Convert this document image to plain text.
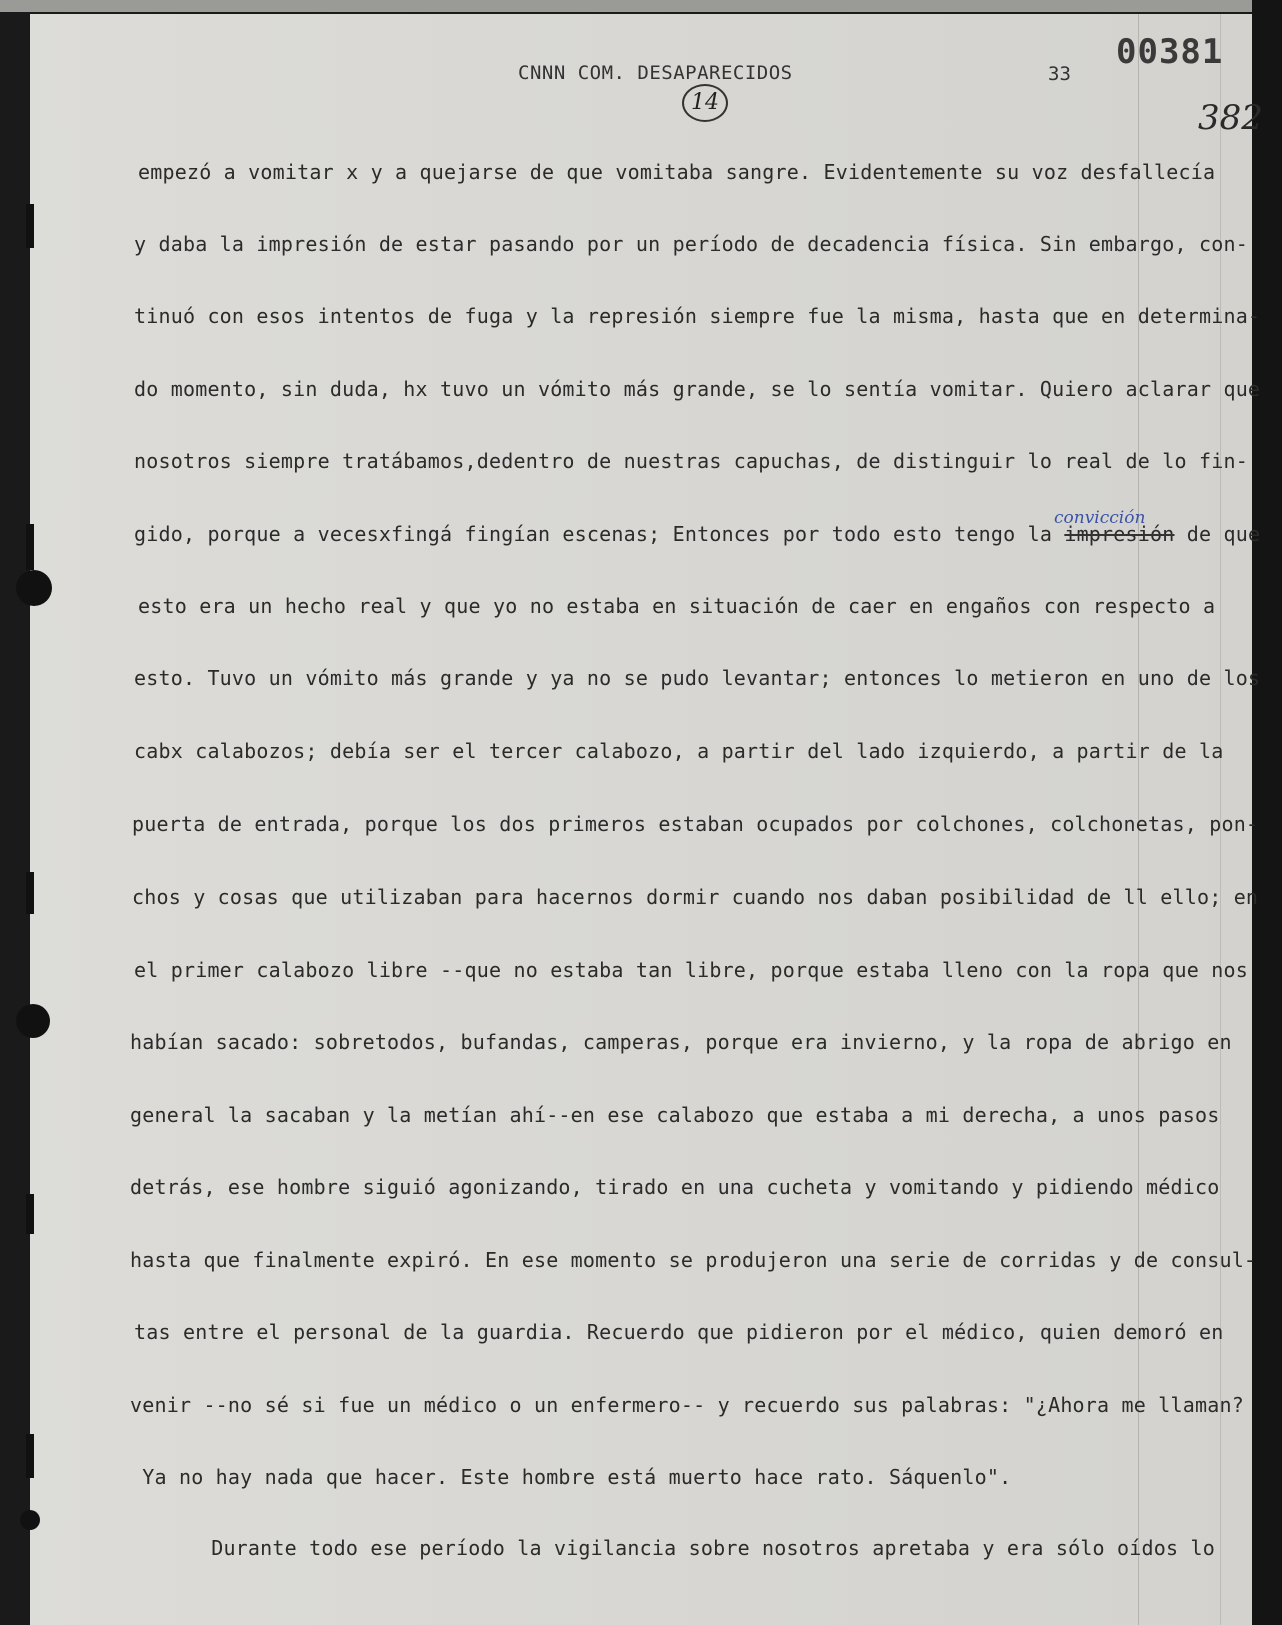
CNNN COM. DESAPARECIDOS	33
00381
14	382
convicción
empezó a vomitar x y a quejarse de que vomitaba sangre. Evidentemente su voz desfallecía
y daba la impresión de estar pasando por un período de decadencia física. Sin embargo, con-
tinuó con esos intentos de fuga y la represión siempre fue la misma, hasta que en determina-
do momento, sin duda, hx tuvo un vómito más grande, se lo sentía vomitar. Quiero aclarar que
nosotros siempre tratábamos,dedentro de nuestras capuchas, de distinguir lo real de lo fin-
gido, porque a vecesxfingá fingían escenas; Entonces por todo esto tengo la impresión de que
esto era un hecho real y que yo no estaba en situación de caer en engaños con respecto a
esto. Tuvo un vómito más grande y ya no se pudo levantar; entonces lo metieron en uno de los
cabx calabozos; debía ser el tercer calabozo, a partir del lado izquierdo, a partir de la
puerta de entrada, porque los dos primeros estaban ocupados por colchones, colchonetas, pon-
chos y cosas que utilizaban para hacernos dormir cuando nos daban posibilidad de ll ello; en
el primer calabozo libre --que no estaba tan libre, porque estaba lleno con la ropa que nos
habían sacado: sobretodos, bufandas, camperas, porque era invierno, y la ropa de abrigo en
general la sacaban y la metían ahí--en ese calabozo que estaba a mi derecha, a unos pasos
detrás, ese hombre siguió agonizando, tirado en una cucheta y vomitando y pidiendo médico
hasta que finalmente expiró. En ese momento se produjeron una serie de corridas y de consul-
tas entre el personal de la guardia. Recuerdo que pidieron por el médico, quien demoró en
venir --no sé si fue un médico o un enfermero-- y recuerdo sus palabras: "¿Ahora me llaman?
Ya no hay nada que hacer. Este hombre está muerto hace rato. Sáquenlo".
Durante todo ese período la vigilancia sobre nosotros apretaba y era sólo oídos lo
